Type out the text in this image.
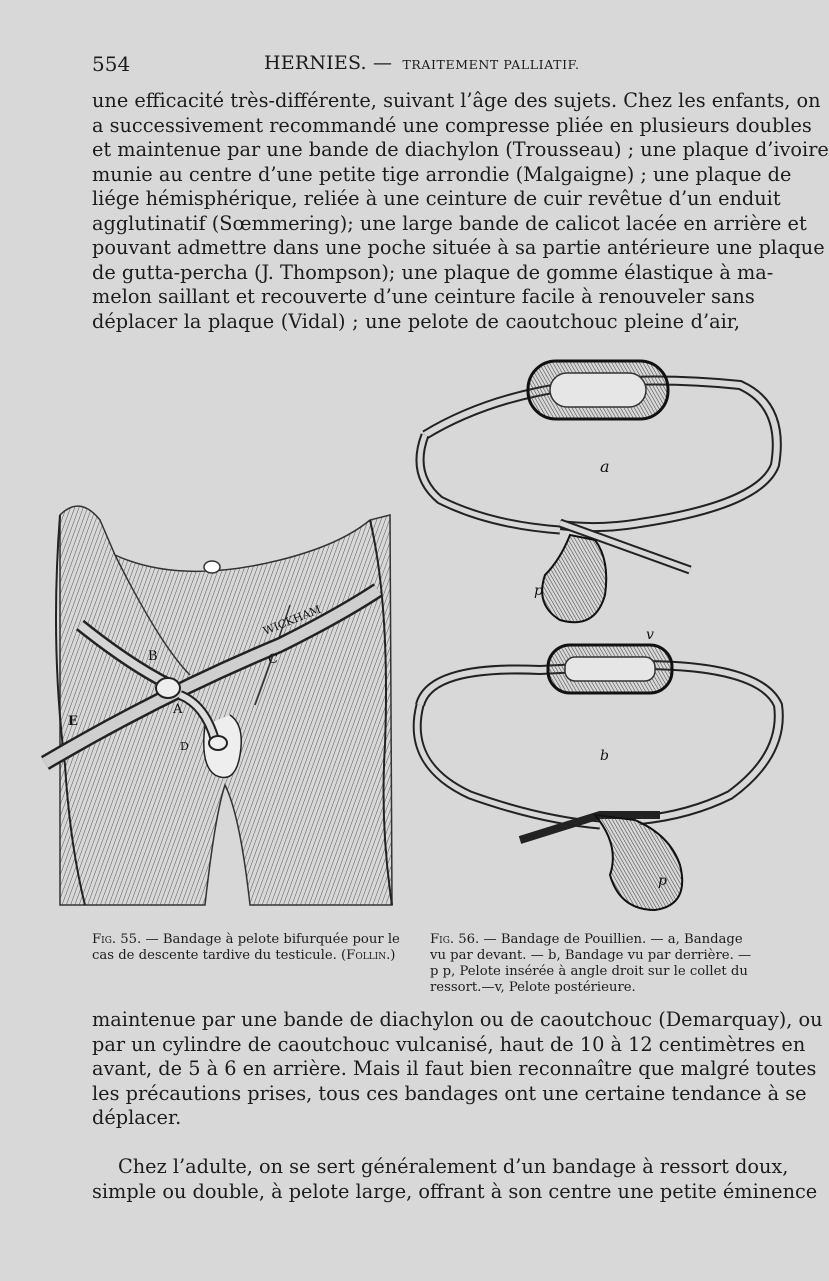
554	HERNIES. — TRAITEMENT PALLIATIF.
une efficacité très-différente, suivant l’âge des sujets. Chez les enfants, on
a successivement recommandé une compresse pliée en plusieurs doubles
et maintenue par une bande de diachylon (Trousseau) ; une plaque d’ivoire
munie au centre d’une petite tige arrondie (Malgaigne) ; une plaque de
liége hémisphérique, reliée à une ceinture de cuir revêtue d’un enduit
agglutinatif (Sœmmering); une large bande de calicot lacée en arrière et
pouvant admettre dans une poche située à sa partie antérieure une plaque
de gutta-percha (J. Thompson); une plaque de gomme élastique à ma-
melon saillant et recouverte d’une ceinture facile à renouveler sans
déplacer la plaque (Vidal) ; une pelote de caoutchouc pleine d’air,
WICKHAM
B	C
A
D
E
a
p
v
b
p
Fig. 55. — Bandage à pelote bifurquée pour le cas de descente tardive du testicule. (Follin.)
Fig. 56. — Bandage de Pouillien. — a, Bandage vu par devant. — b, Bandage vu par derrière. — p p, Pelote insérée à angle droit sur le collet du ressort.—v, Pelote postérieure.
maintenue par une bande de diachylon ou de caoutchouc (Demarquay), ou
par un cylindre de caoutchouc vulcanisé, haut de 10 à 12 centimètres en
avant, de 5 à 6 en arrière. Mais il faut bien reconnaître que malgré toutes
les précautions prises, tous ces bandages ont une certaine tendance à se
déplacer.
Chez l’adulte, on se sert généralement d’un bandage à ressort doux,
simple ou double, à pelote large, offrant à son centre une petite éminence
